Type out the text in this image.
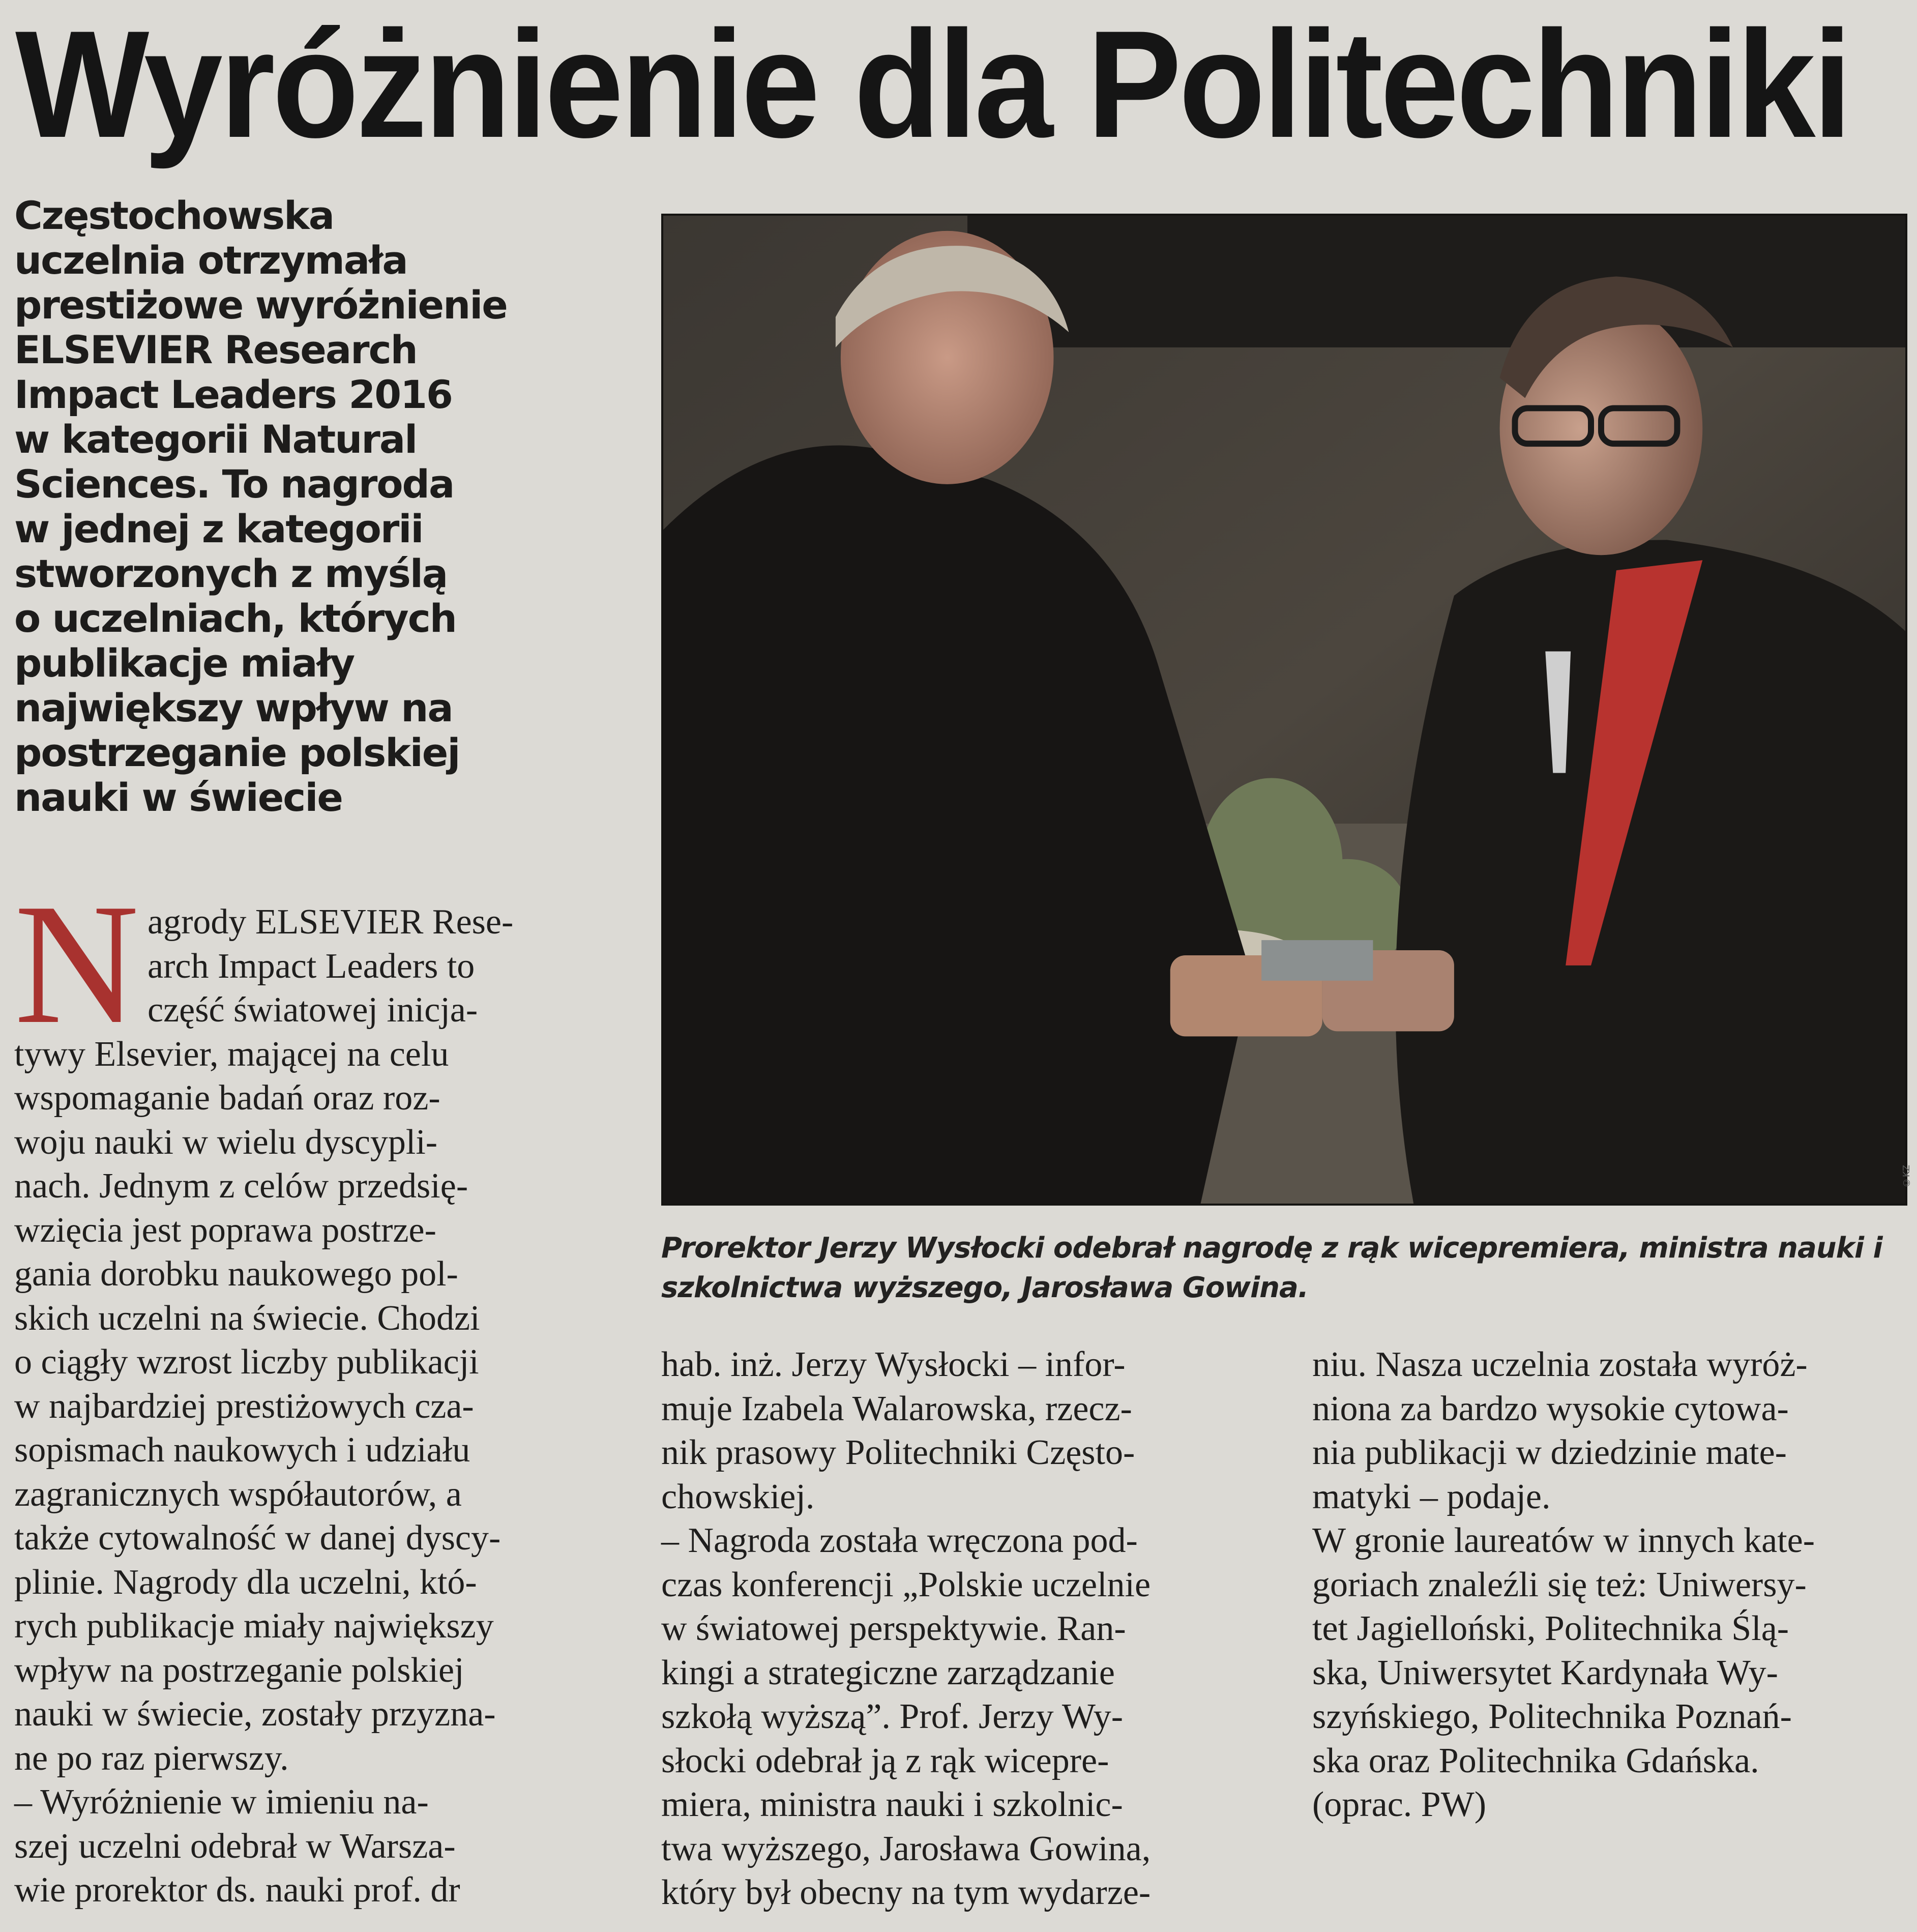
Wyróżnienie dla Politechniki
Częstochowska
uczelnia otrzymała
prestiżowe wyróżnienie
ELSEVIER Research
Impact Leaders 2016
w kategorii Natural
Sciences. To nagroda
w jednej z kategorii
stworzonych z myślą
o uczelniach, których
publikacje miały
największy wpływ na
postrzeganie polskiej
nauki w świecie
©KZ
Prorektor Jerzy Wysłocki odebrał nagrodę z rąk wicepremiera, ministra nauki i
szkolnictwa wyższego, Jarosława Gowina.
N agrody ELSEVIER Rese-
arch Impact Leaders to
część światowej inicja-
tywy Elsevier, mającej na celu
wspomaganie badań oraz roz-
woju nauki w wielu dyscypli-
nach. Jednym z celów przedsię-
wzięcia jest poprawa postrze-
gania dorobku naukowego pol-
skich uczelni na świecie. Chodzi
o ciągły wzrost liczby publikacji
w najbardziej prestiżowych cza-
sopismach naukowych i udziału
zagranicznych współautorów, a
także cytowalność w danej dyscy-
plinie. Nagrody dla uczelni, któ-
rych publikacje miały największy
wpływ na postrzeganie polskiej
nauki w świecie, zostały przyzna-
ne po raz pierwszy.
– Wyróżnienie w imieniu na-
szej uczelni odebrał w Warsza-
wie prorektor ds. nauki prof. dr
hab. inż. Jerzy Wysłocki – infor-
muje Izabela Walarowska, rzecz-
nik prasowy Politechniki Często-
chowskiej.
– Nagroda została wręczona pod-
czas konferencji „Polskie uczelnie
w światowej perspektywie. Ran-
kingi a strategiczne zarządzanie
szkołą wyższą”. Prof. Jerzy Wy-
słocki odebrał ją z rąk wicepre-
miera, ministra nauki i szkolnic-
twa wyższego, Jarosława Gowina,
który był obecny na tym wydarze-
niu. Nasza uczelnia została wyróż-
niona za bardzo wysokie cytowa-
nia publikacji w dziedzinie mate-
matyki – podaje.
W gronie laureatów w innych kate-
goriach znaleźli się też: Uniwersy-
tet Jagielloński, Politechnika Ślą-
ska, Uniwersytet Kardynała Wy-
szyńskiego, Politechnika Poznań-
ska oraz Politechnika Gdańska.
(oprac. PW)
